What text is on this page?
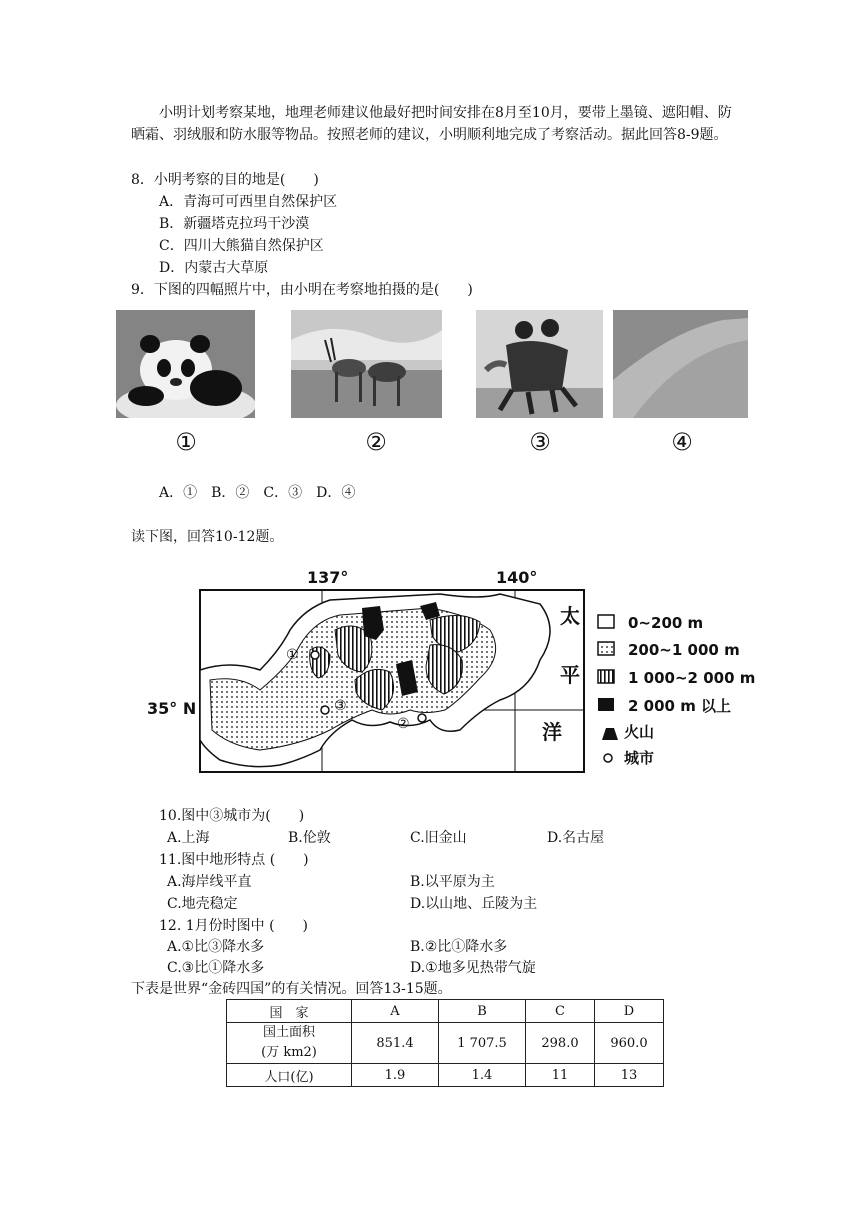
小明计划考察某地，地理老师建议他最好把时间安排在8月至10月，要带上墨镜、遮阳帽、防晒霜、羽绒服和防水服等物品。按照老师的建议，小明顺利地完成了考察活动。据此回答8-9题。
8．小明考察的目的地是(　　)
A．青海可可西里自然保护区
B．新疆塔克拉玛干沙漠
C．四川大熊猫自然保护区
D．内蒙古大草原
9．下图的四幅照片中，由小明在考察地拍摄的是(　　)
①	②	③	④
A．①　B．②　C．③　D．④
读下图，回答10-12题。
137°	140°
35° N
太
平
洋
①
②
③
0~200 m
200~1 000 m
1 000~2 000 m
2 000 m 以上
火山
城市
10.图中③城市为(　　)
A.上海	B.伦敦	C.旧金山	D.名古屋
11.图中地形特点 (　　)
A.海岸线平直	B.以平原为主
C.地壳稳定	D.以山地、丘陵为主
12. 1月份时图中 (　　)
A.①比③降水多	B.②比①降水多
C.③比①降水多	D.①地多见热带气旋
下表是世界“金砖四国”的有关情况。回答13-15题。
国　家	A	B	C	D
国土面积
(万 km2)	851.4	1 707.5	298.0	960.0
人口(亿)	1.9	1.4	11	13
